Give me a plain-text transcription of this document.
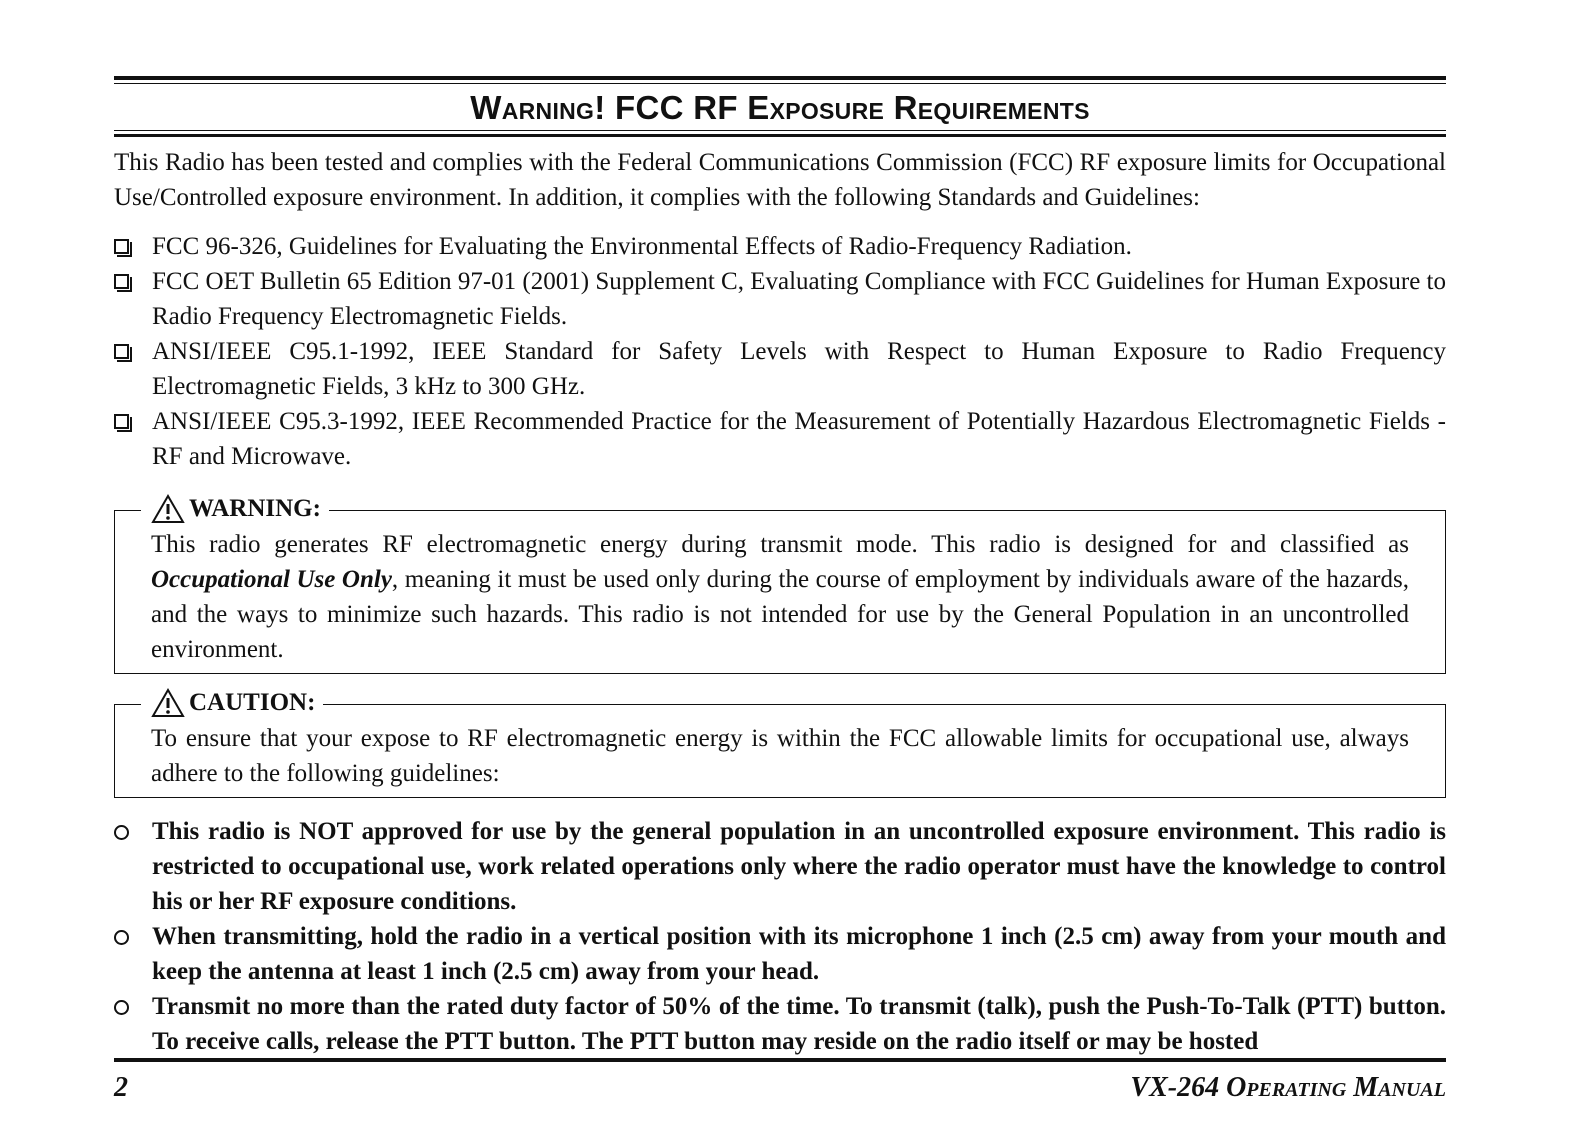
Warning! FCC RF Exposure Requirements

This Radio has been tested and complies with the Federal Communications Commission (FCC) RF exposure limits for Occupational Use/Controlled exposure environment. In addition, it complies with the following Standards and Guidelines:

FCC 96-326, Guidelines for Evaluating the Environmental Effects of Radio-Frequency Radiation.
FCC OET Bulletin 65 Edition 97-01 (2001) Supplement C, Evaluating Compliance with FCC Guidelines for Human Exposure to Radio Frequency Electromagnetic Fields.
ANSI/IEEE C95.1-1992, IEEE Standard for Safety Levels with Respect to Human Exposure to Radio Frequency Electromagnetic Fields, 3 kHz to 300 GHz.
ANSI/IEEE C95.3-1992, IEEE Recommended Practice for the Measurement of Potentially Hazardous Electromagnetic Fields - RF and Microwave.
WARNING:
This radio generates RF electromagnetic energy during transmit mode. This radio is designed for and classified as Occupational Use Only, meaning it must be used only during the course of employment by individuals aware of the hazards, and the ways to minimize such hazards. This radio is not intended for use by the General Population in an uncontrolled environment.
CAUTION:
To ensure that your expose to RF electromagnetic energy is within the FCC allowable limits for occupational use, always adhere to the following guidelines:
This radio is NOT approved for use by the general population in an uncontrolled exposure environment. This radio is restricted to occupational use, work related operations only where the radio operator must have the knowledge to control his or her RF exposure conditions.
When transmitting, hold the radio in a vertical position with its microphone 1 inch (2.5 cm) away from your mouth and keep the antenna at least 1 inch (2.5 cm) away from your head.
Transmit no more than the rated duty factor of 50% of the time. To transmit (talk), push the Push-To-Talk (PTT) button. To receive calls, release the PTT button. The PTT button may reside on the radio itself or may be hosted
2	VX-264 Operating Manual
